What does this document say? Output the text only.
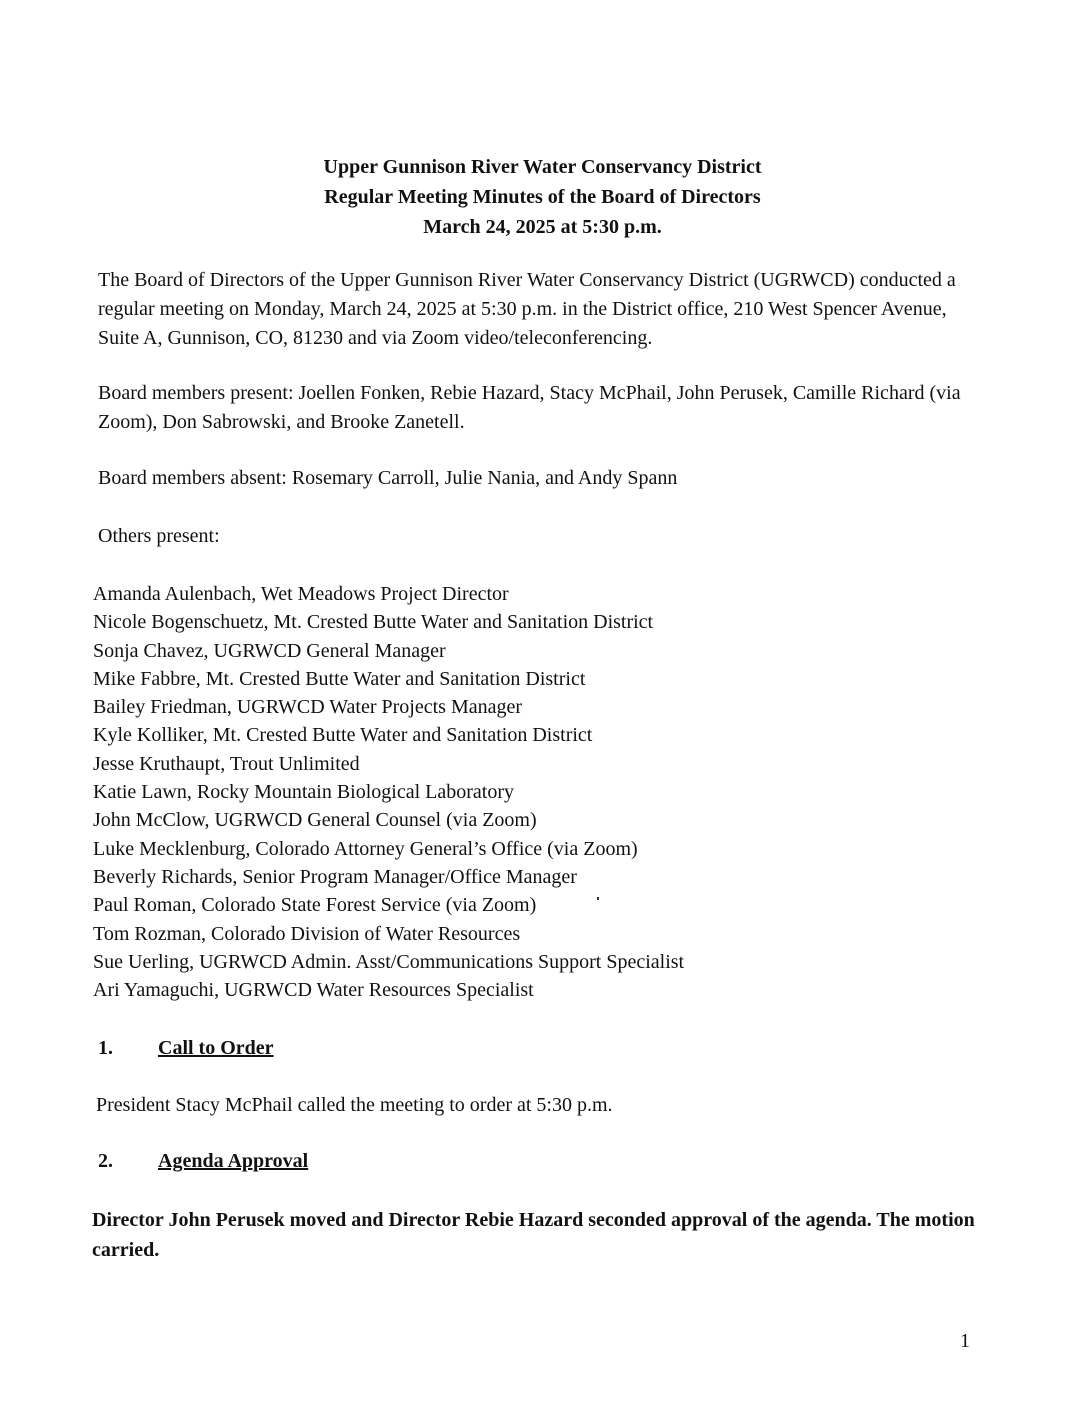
Upper Gunnison River Water Conservancy District
Regular Meeting Minutes of the Board of Directors
March 24, 2025 at 5:30 p.m.
The Board of Directors of the Upper Gunnison River Water Conservancy District (UGRWCD) conducted a regular meeting on Monday, March 24, 2025 at 5:30 p.m. in the District office, 210 West Spencer Avenue, Suite A, Gunnison, CO, 81230 and via Zoom video/teleconferencing.
Board members present: Joellen Fonken, Rebie Hazard, Stacy McPhail, John Perusek, Camille Richard (via Zoom), Don Sabrowski, and Brooke Zanetell.
Board members absent: Rosemary Carroll, Julie Nania, and Andy Spann
Others present:
Amanda Aulenbach, Wet Meadows Project Director
Nicole Bogenschuetz, Mt. Crested Butte Water and Sanitation District
Sonja Chavez, UGRWCD General Manager
Mike Fabbre, Mt. Crested Butte Water and Sanitation District
Bailey Friedman, UGRWCD Water Projects Manager
Kyle Kolliker, Mt. Crested Butte Water and Sanitation District
Jesse Kruthaupt, Trout Unlimited
Katie Lawn, Rocky Mountain Biological Laboratory
John McClow, UGRWCD General Counsel (via Zoom)
Luke Mecklenburg, Colorado Attorney General’s Office (via Zoom)
Beverly Richards, Senior Program Manager/Office Manager
Paul Roman, Colorado State Forest Service (via Zoom)
Tom Rozman, Colorado Division of Water Resources
Sue Uerling, UGRWCD Admin. Asst/Communications Support Specialist
Ari Yamaguchi, UGRWCD Water Resources Specialist
1. Call to Order
President Stacy McPhail called the meeting to order at 5:30 p.m.
2. Agenda Approval
Director John Perusek moved and Director Rebie Hazard seconded approval of the agenda. The motion carried.
1
